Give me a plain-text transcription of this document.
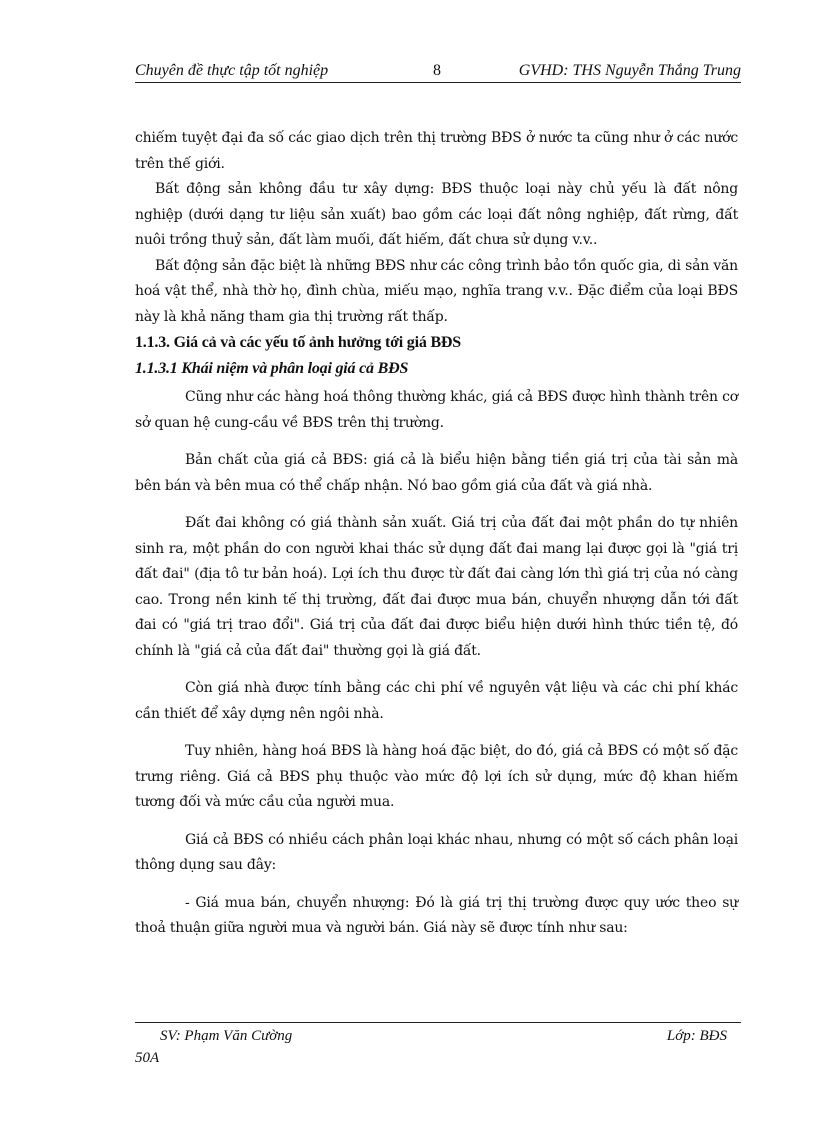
Chuyên đề thực tập tốt nghiệp	8	GVHD: THS Nguyễn Thắng Trung

chiếm tuyệt đại đa số các giao dịch trên thị trường BĐS ở nước ta cũng như ở các nước trên thế giới.

Bất động sản không đầu tư xây dựng: BĐS thuộc loại này chủ yếu là đất nông nghiệp (dưới dạng tư liệu sản xuất) bao gồm các loại đất nông nghiệp, đất rừng, đất nuôi trồng thuỷ sản, đất làm muối, đất hiếm, đất chưa sử dụng v.v..

Bất động sản đặc biệt là những BĐS như các công trình bảo tồn quốc gia, di sản văn hoá vật thể, nhà thờ họ, đình chùa, miếu mạo, nghĩa trang v.v.. Đặc điểm của loại BĐS này là khả năng tham gia thị trường rất thấp.

1.1.3. Giá cả và các yếu tố ảnh hưởng tới giá BĐS

1.1.3.1 Khái niệm và phân loại giá cả BĐS

Cũng như các hàng hoá thông thường khác, giá cả BĐS được hình thành trên cơ sở quan hệ cung-cầu về BĐS trên thị trường.

Bản chất của giá cả BĐS: giá cả là biểu hiện bằng tiền giá trị của tài sản mà bên bán và bên mua có thể chấp nhận. Nó bao gồm giá của đất và giá nhà.

Đất đai không có giá thành sản xuất. Giá trị của đất đai một phần do tự nhiên sinh ra, một phần do con người khai thác sử dụng đất đai mang lại được gọi là "giá trị đất đai" (địa tô tư bản hoá). Lợi ích thu được từ đất đai càng lớn thì giá trị của nó càng cao. Trong nền kinh tế thị trường, đất đai được mua bán, chuyển nhượng dẫn tới đất đai có "giá trị trao đổi". Giá trị của đất đai được biểu hiện dưới hình thức tiền tệ, đó chính là "giá cả của đất đai" thường gọi là giá đất.

Còn giá nhà được tính bằng các chi phí về nguyên vật liệu và các chi phí khác cần thiết để xây dựng nên ngôi nhà.

Tuy nhiên, hàng hoá BĐS là hàng hoá đặc biệt, do đó, giá cả BĐS có một số đặc trưng riêng. Giá cả BĐS phụ thuộc vào mức độ lợi ích sử dụng, mức độ khan hiếm tương đối và mức cầu của người mua.

Giá cả BĐS có nhiều cách phân loại khác nhau, nhưng có một số cách phân loại thông dụng sau đây:

- Giá mua bán, chuyển nhượng: Đó là giá trị thị trường được quy ước theo sự thoả thuận giữa người mua và người bán. Giá này sẽ được tính như sau:

SV: Phạm Văn Cường	Lớp: BĐS
50A
